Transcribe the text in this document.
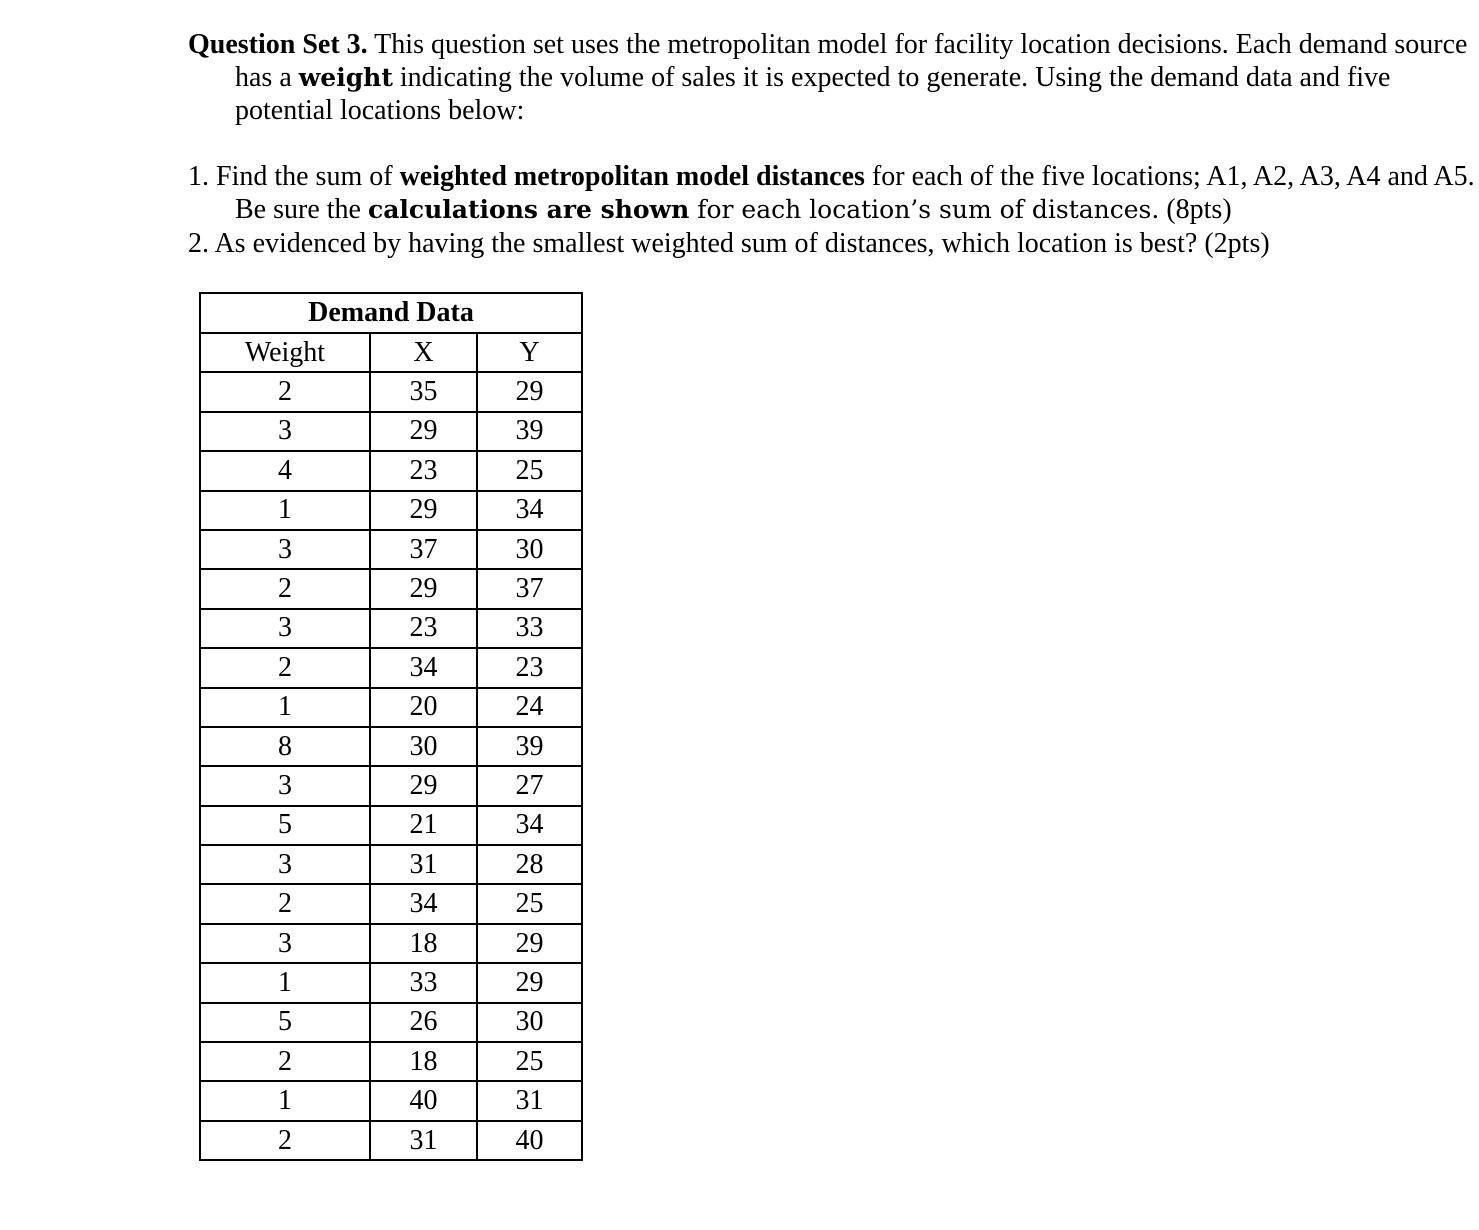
Question Set 3. This question set uses the metropolitan model for facility location decisions. Each demand source has a weight indicating the volume of sales it is expected to generate. Using the demand data and five potential locations below:

1. Find the sum of weighted metropolitan model distances for each of the five locations; A1, A2, A3, A4 and A5. Be sure the calculations are shown for each location’s sum of distances. (8pts)

2. As evidenced by having the smallest weighted sum of distances, which location is best? (2pts)

Demand Data		
Weight	X	Y
2	35	29
3	29	39
4	23	25
1	29	34
3	37	30
2	29	37
3	23	33
2	34	23
1	20	24
8	30	39
3	29	27
5	21	34
3	31	28
2	34	25
3	18	29
1	33	29
5	26	30
2	18	25
1	40	31
2	31	40
